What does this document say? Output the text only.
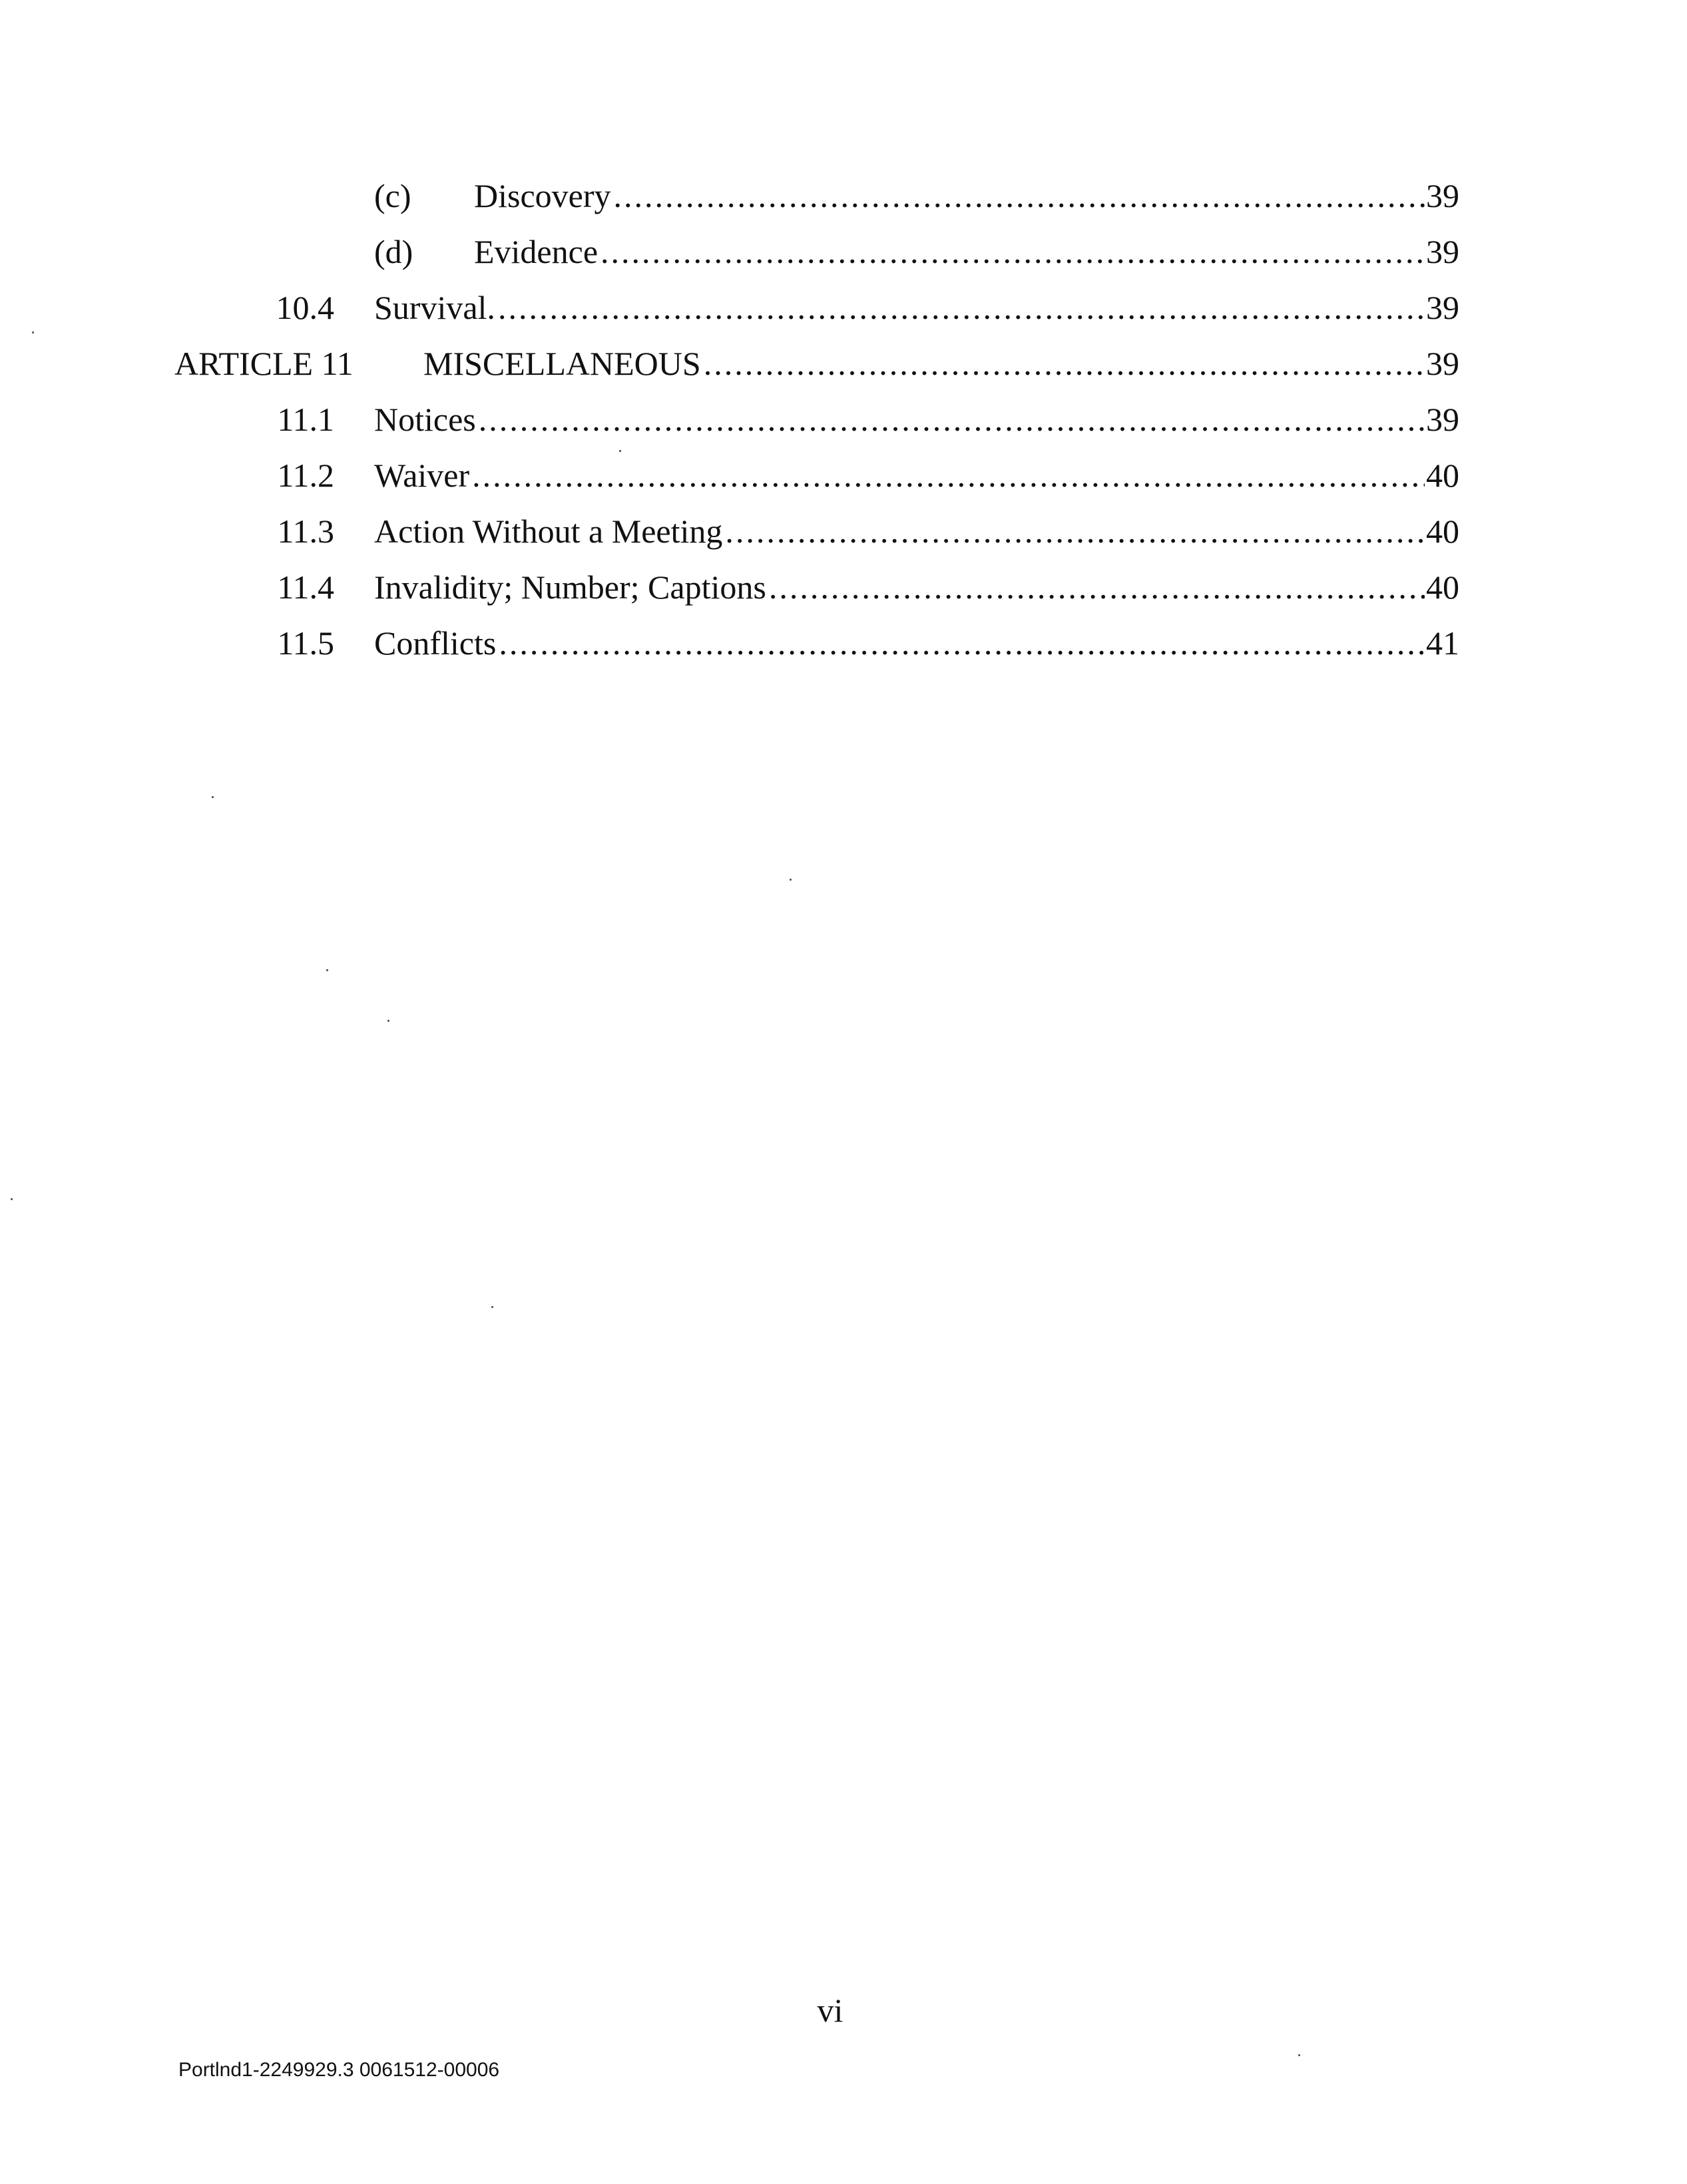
(c)	Discovery .....	39
(d)	Evidence .....	39
10.4 Survival. .....	39
ARTICLE 11	MISCELLANEOUS .....	39
11.1 Notices .....	39
11.2 Waiver .....	40
11.3 Action Without a Meeting .....	40
11.4 Invalidity; Number; Captions .....	40
11.5 Conflicts .....	41
vi
Portlnd1-2249929.3 0061512-00006
